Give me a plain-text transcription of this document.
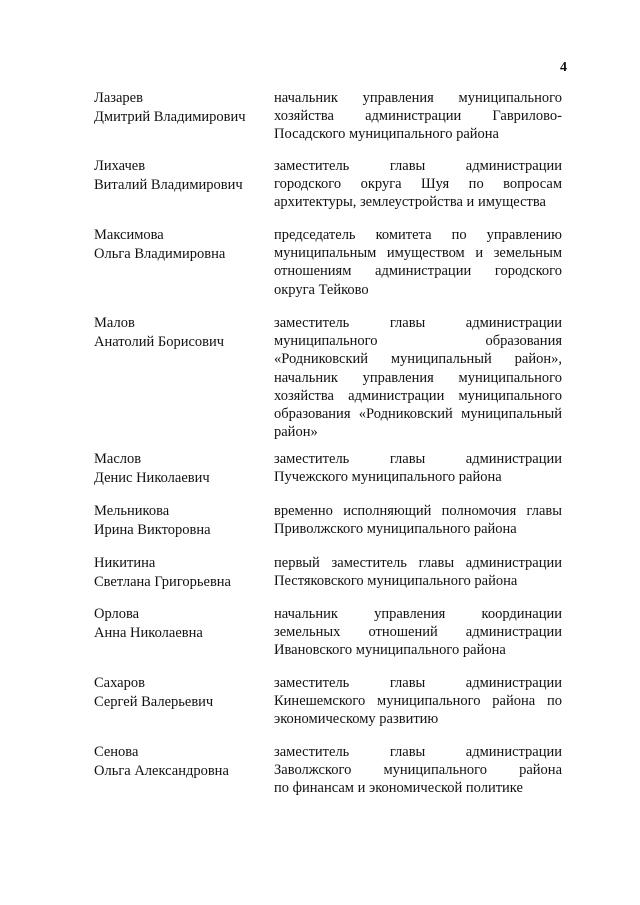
4
Лазарев
Дмитрий Владимирович
начальник управления муниципального
хозяйства администрации Гаврилово-
Посадского муниципального района
Лихачев
Виталий Владимирович
заместитель главы администрации
городского округа Шуя по вопросам
архитектуры, землеустройства и имущества
Максимова
Ольга Владимировна
председатель комитета по управлению
муниципальным имуществом и земельным
отношениям администрации городского
округа Тейково
Малов
Анатолий Борисович
заместитель главы администрации
муниципального образования
«Родниковский муниципальный район»,
начальник управления муниципального
хозяйства администрации муниципального
образования «Родниковский муниципальный
район»
Маслов
Денис Николаевич
заместитель главы администрации
Пучежского муниципального района
Мельникова
Ирина Викторовна
временно исполняющий полномочия главы
Приволжского муниципального района
Никитина
Светлана Григорьевна
первый заместитель главы администрации
Пестяковского муниципального района
Орлова
Анна Николаевна
начальник управления координации
земельных отношений администрации
Ивановского муниципального района
Сахаров
Сергей Валерьевич
заместитель главы администрации
Кинешемского муниципального района по
экономическому развитию
Сенова
Ольга Александровна
заместитель главы администрации
Заволжского муниципального района
по финансам и экономической политике
